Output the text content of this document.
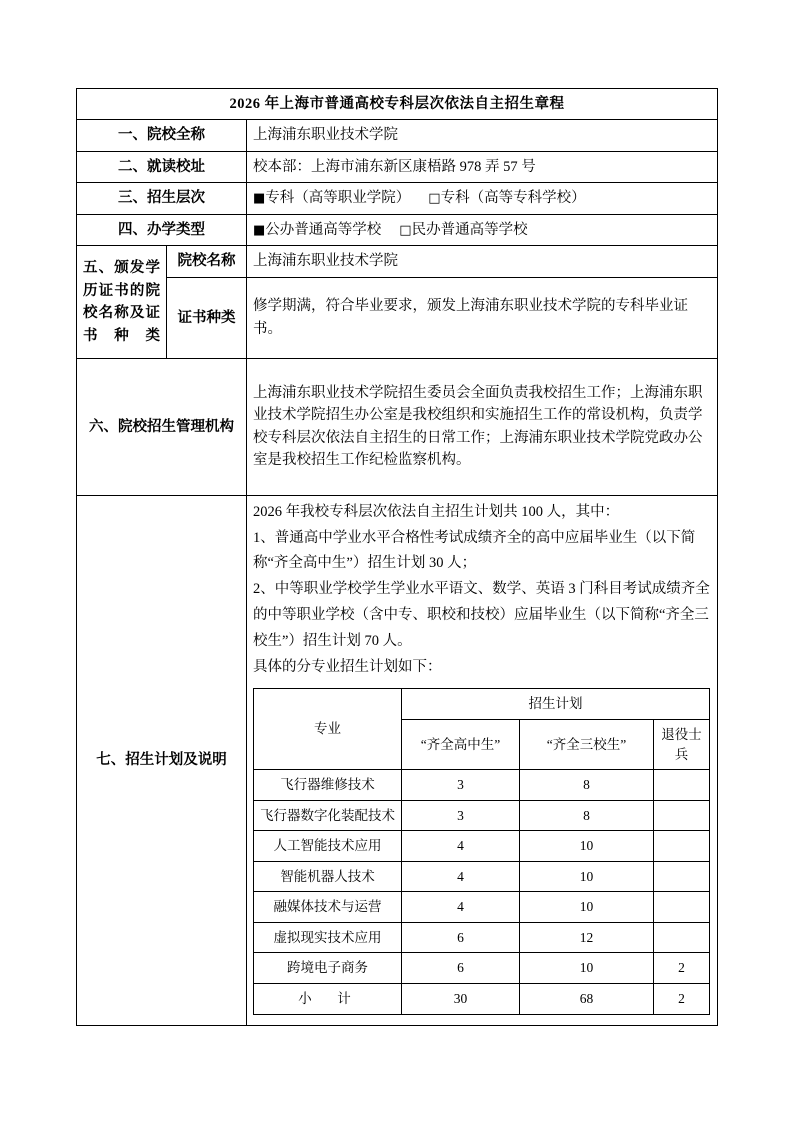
2026 年上海市普通高校专科层次依法自主招生章程
一、院校全称	上海浦东职业技术学院
二、就读校址	校本部：上海市浦东新区康梧路 978 弄 57 号
三、招生层次	■专科（高等职业学院） □专科（高等专科学校）
四、办学类型	■公办普通高等学校 □民办普通高等学校
五、颁发学历证书的院校名称及证书种类	院校名称	上海浦东职业技术学院
证书种类	修学期满，符合毕业要求，颁发上海浦东职业技术学院的专科毕业证书。
六、院校招生管理机构	上海浦东职业技术学院招生委员会全面负责我校招生工作；上海浦东职业技术学院招生办公室是我校组织和实施招生工作的常设机构，负责学校专科层次依法自主招生的日常工作；上海浦东职业技术学院党政办公室是我校招生工作纪检监察机构。
七、招生计划及说明	

2026 年我校专科层次依法自主招生计划共 100 人，其中：

1、普通高中学业水平合格性考试成绩齐全的高中应届毕业生（以下简称“齐全高中生”）招生计划 30 人；

2、中等职业学校学生学业水平语文、数学、英语 3 门科目考试成绩齐全的中等职业学校（含中专、职校和技校）应届毕业生（以下简称“齐全三校生”）招生计划 70 人。

具体的分专业招生计划如下：

专业	招生计划
“齐全高中生”	“齐全三校生”	退役士兵
飞行器维修技术	3	8	
飞行器数字化装配技术	3	8	
人工智能技术应用	4	10	
智能机器人技术	4	10	
融媒体技术与运营	4	10	
虚拟现实技术应用	6	12	
跨境电子商务	6	10	2
小　计	30	68	2
